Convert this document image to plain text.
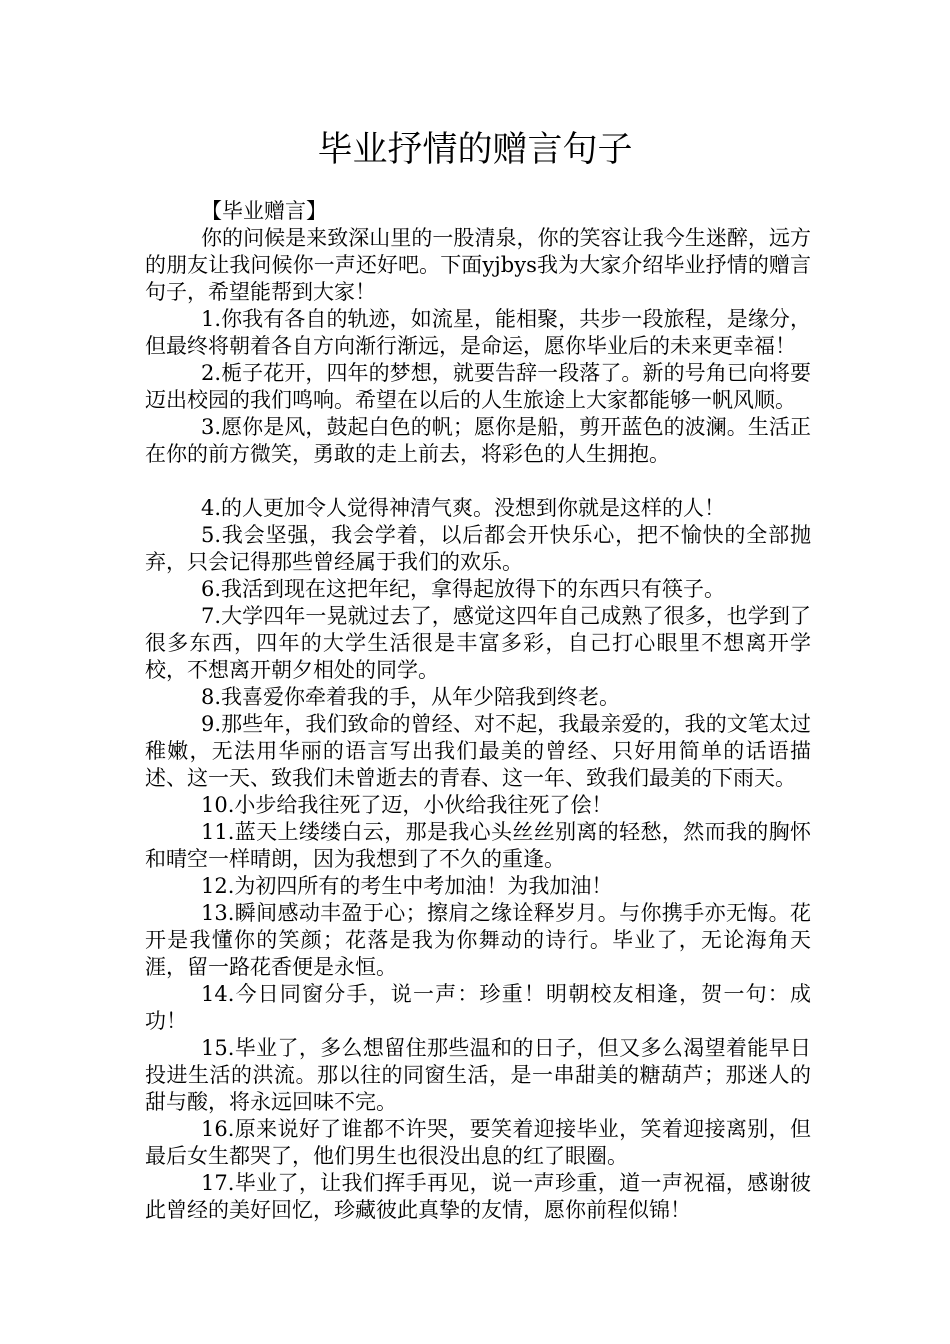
毕业抒情的赠言句子

【毕业赠言】

你的问候是来致深山里的一股清泉，你的笑容让我今生迷醉，远方的朋友让我问候你一声还好吧。下面yjbys我为大家介绍毕业抒情的赠言句子，希望能帮到大家！

1.你我有各自的轨迹，如流星，能相聚，共步一段旅程，是缘分，但最终将朝着各自方向渐行渐远，是命运，愿你毕业后的未来更幸福！

2.栀子花开，四年的梦想，就要告辞一段落了。新的号角已向将要迈出校园的我们鸣响。希望在以后的人生旅途上大家都能够一帆风顺。

3.愿你是风，鼓起白色的帆；愿你是船，剪开蓝色的波澜。生活正在你的前方微笑，勇敢的走上前去，将彩色的人生拥抱。

4.的人更加令人觉得神清气爽。没想到你就是这样的人！

5.我会坚强，我会学着，以后都会开快乐心，把不愉快的全部抛弃，只会记得那些曾经属于我们的欢乐。

6.我活到现在这把年纪，拿得起放得下的东西只有筷子。

7.大学四年一晃就过去了，感觉这四年自己成熟了很多，也学到了很多东西，四年的大学生活很是丰富多彩，自己打心眼里不想离开学校，不想离开朝夕相处的同学。

8.我喜爱你牵着我的手，从年少陪我到终老。

9.那些年，我们致命的曾经、对不起，我最亲爱的，我的文笔太过稚嫩，无法用华丽的语言写出我们最美的曾经、只好用简单的话语描述、这一天、致我们未曾逝去的青春、这一年、致我们最美的下雨天。

10.小步给我往死了迈，小伙给我往死了侩！

11.蓝天上缕缕白云，那是我心头丝丝别离的轻愁，然而我的胸怀和晴空一样晴朗，因为我想到了不久的重逢。

12.为初四所有的考生中考加油！为我加油！

13.瞬间感动丰盈于心；擦肩之缘诠释岁月。与你携手亦无悔。花开是我懂你的笑颜；花落是我为你舞动的诗行。毕业了，无论海角天涯，留一路花香便是永恒。

14.今日同窗分手，说一声：珍重！明朝校友相逢，贺一句：成功！

15.毕业了，多么想留住那些温和的日子，但又多么渴望着能早日投进生活的洪流。那以往的同窗生活，是一串甜美的糖葫芦；那迷人的甜与酸，将永远回味不完。

16.原来说好了谁都不许哭，要笑着迎接毕业，笑着迎接离别，但最后女生都哭了，他们男生也很没出息的红了眼圈。

17.毕业了，让我们挥手再见，说一声珍重，道一声祝福，感谢彼此曾经的美好回忆，珍藏彼此真挚的友情，愿你前程似锦！
